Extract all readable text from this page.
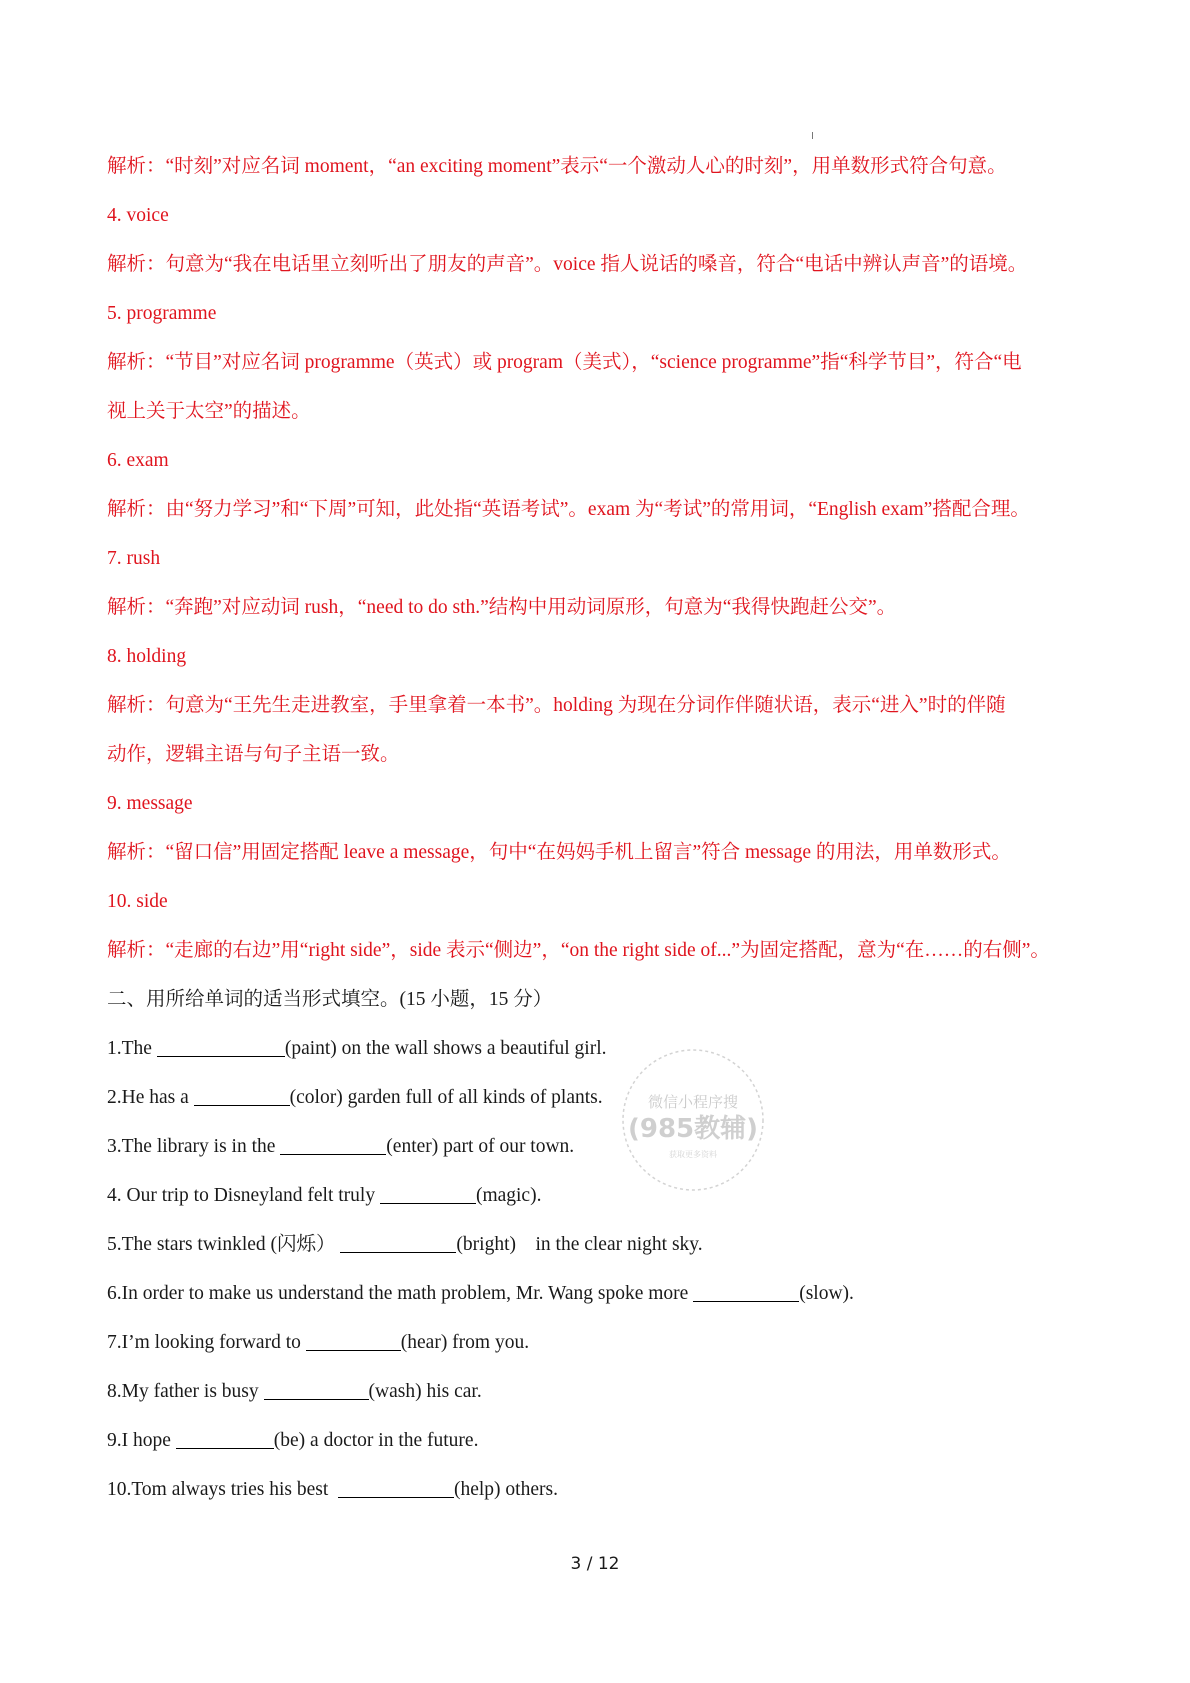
解析：“时刻”对应名词 moment，“an exciting moment”表示“一个激动人心的时刻”，用单数形式符合句意。
4. voice
解析：句意为“我在电话里立刻听出了朋友的声音”。voice 指人说话的嗓音，符合“电话中辨认声音”的语境。
5. programme
解析：“节目”对应名词 programme（英式）或 program（美式），“science programme”指“科学节目”，符合“电
视上关于太空”的描述。
6. exam
解析：由“努力学习”和“下周”可知，此处指“英语考试”。exam 为“考试”的常用词，“English exam”搭配合理。
7. rush
解析：“奔跑”对应动词 rush，“need to do sth.”结构中用动词原形，句意为“我得快跑赶公交”。
8. holding
解析：句意为“王先生走进教室，手里拿着一本书”。holding 为现在分词作伴随状语，表示“进入”时的伴随
动作，逻辑主语与句子主语一致。
9. message
解析：“留口信”用固定搭配 leave a message，句中“在妈妈手机上留言”符合 message 的用法，用单数形式。
10. side
解析：“走廊的右边”用“right side”，side 表示“侧边”，“on the right side of...”为固定搭配，意为“在……的右侧”。
二、用所给单词的适当形式填空。(15 小题，15 分）
1.The	(paint) on the wall shows a beautiful girl.
2.He has a	(color) garden full of all kinds of plants.
3.The library is in the	(enter) part of our town.
4. Our trip to Disneyland felt truly	(magic).
5.The stars twinkled (闪烁）	(bright)    in the clear night sky.
6.In order to make us understand the math problem, Mr. Wang spoke more	(slow).
7.I’m looking forward to	(hear) from you.
8.My father is busy	(wash) his car.
9.I hope	(be) a doctor in the future.
10.Tom always tries his best	(help) others.
微信小程序搜
(985教辅)
获取更多资料
3 / 12
